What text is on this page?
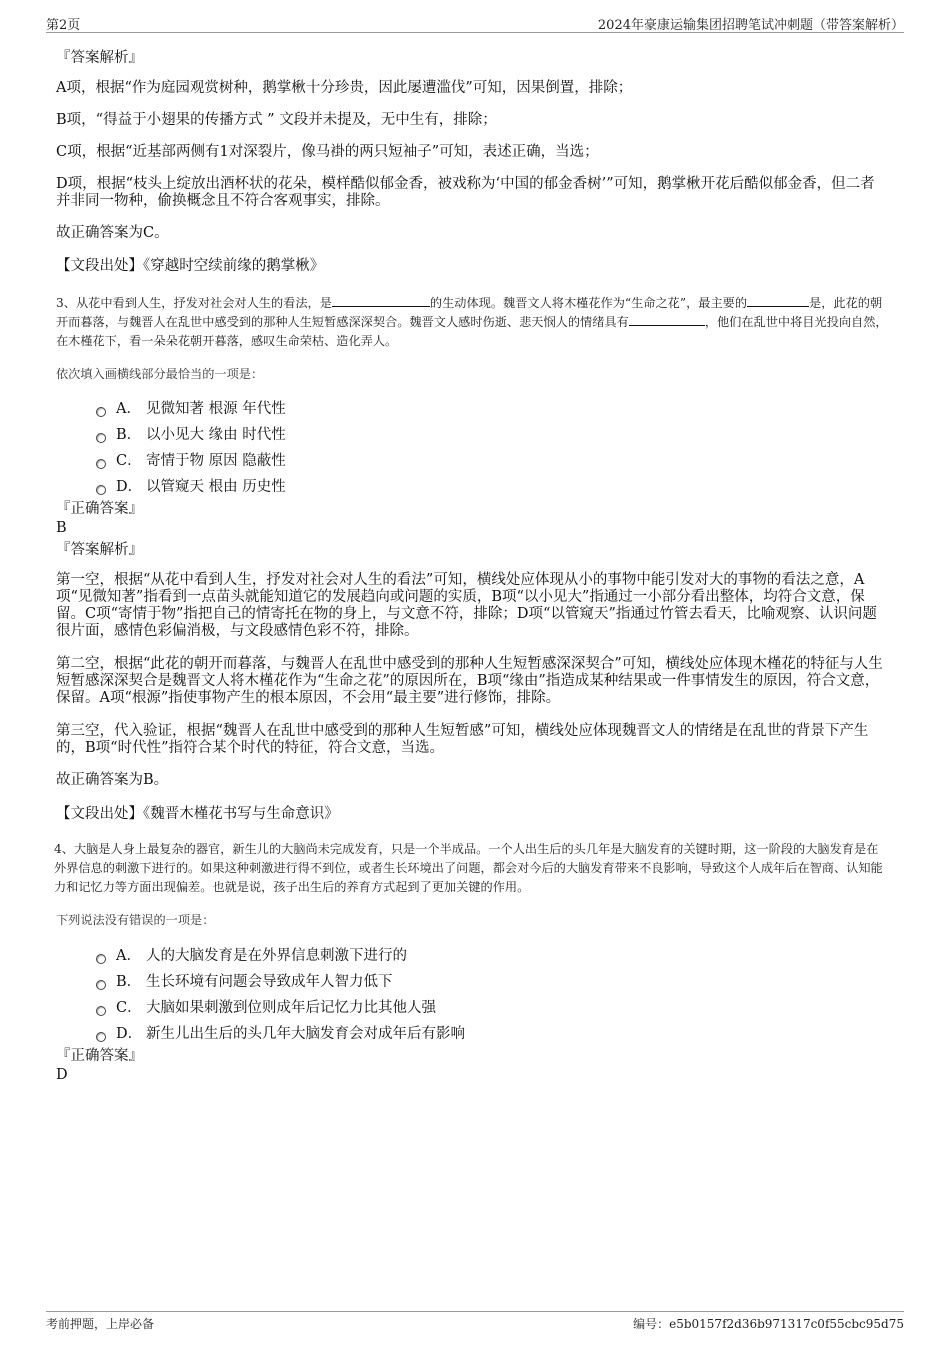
第2页	2024年豪康运输集团招聘笔试冲刺题（带答案解析）
『答案解析』
A项，根据“作为庭园观赏树种，鹅掌楸十分珍贵，因此屡遭滥伐”可知，因果倒置，排除；
B项，“得益于小翅果的传播方式 ” 文段并未提及，无中生有，排除；
C项，根据“近基部两侧有1对深裂片，像马褂的两只短袖子”可知，表述正确，当选；
D项，根据“枝头上绽放出酒杯状的花朵，模样酷似郁金香，被戏称为‘中国的郁金香树’”可知，鹅掌楸开花后酷似郁金香，但二者并非同一物种，偷换概念且不符合客观事实，排除。
故正确答案为C。
【文段出处】《穿越时空续前缘的鹅掌楸》
3、从花中看到人生，抒发对社会对人生的看法，是	的生动体现。魏晋文人将木槿花作为“生命之花”，最主要的	是，此花的朝开而暮落，与魏晋人在乱世中感受到的那种人生短暂感深深契合。魏晋文人感时伤逝、悲天悯人的情绪具有	，他们在乱世中将目光投向自然，在木槿花下，看一朵朵花朝开暮落，感叹生命荣枯、造化弄人。
依次填入画横线部分最恰当的一项是：
A． 见微知著 根源 年代性
B． 以小见大 缘由 时代性
C． 寄情于物 原因 隐蔽性
D． 以管窥天 根由 历史性
『正确答案』
B
『答案解析』
第一空，根据“从花中看到人生，抒发对社会对人生的看法”可知，横线处应体现从小的事物中能引发对大的事物的看法之意，A项“见微知著”指看到一点苗头就能知道它的发展趋向或问题的实质，B项“以小见大”指通过一小部分看出整体，均符合文意，保留。C项“寄情于物”指把自己的情寄托在物的身上，与文意不符，排除；D项“以管窥天”指通过竹管去看天，比喻观察、认识问题很片面，感情色彩偏消极，与文段感情色彩不符，排除。
第二空，根据“此花的朝开而暮落，与魏晋人在乱世中感受到的那种人生短暂感深深契合”可知，横线处应体现木槿花的特征与人生短暂感深深契合是魏晋文人将木槿花作为“生命之花”的原因所在，B项“缘由”指造成某种结果或一件事情发生的原因，符合文意，保留。A项“根源”指使事物产生的根本原因，不会用“最主要”进行修饰，排除。
第三空，代入验证，根据“魏晋人在乱世中感受到的那种人生短暂感”可知，横线处应体现魏晋文人的情绪是在乱世的背景下产生的，B项“时代性”指符合某个时代的特征，符合文意，当选。
故正确答案为B。
【文段出处】《魏晋木槿花书写与生命意识》
4、大脑是人身上最复杂的器官，新生儿的大脑尚未完成发育，只是一个半成品。一个人出生后的头几年是大脑发育的关键时期，这一阶段的大脑发育是在外界信息的刺激下进行的。如果这种刺激进行得不到位，或者生长环境出了问题，都会对今后的大脑发育带来不良影响，导致这个人成年后在智商、认知能力和记忆力等方面出现偏差。也就是说，孩子出生后的养育方式起到了更加关键的作用。
下列说法没有错误的一项是：
A． 人的大脑发育是在外界信息刺激下进行的
B． 生长环境有问题会导致成年人智力低下
C． 大脑如果刺激到位则成年后记忆力比其他人强
D． 新生儿出生后的头几年大脑发育会对成年后有影响
『正确答案』
D
考前押题，上岸必备	编号：e5b0157f2d36b971317c0f55cbc95d75
